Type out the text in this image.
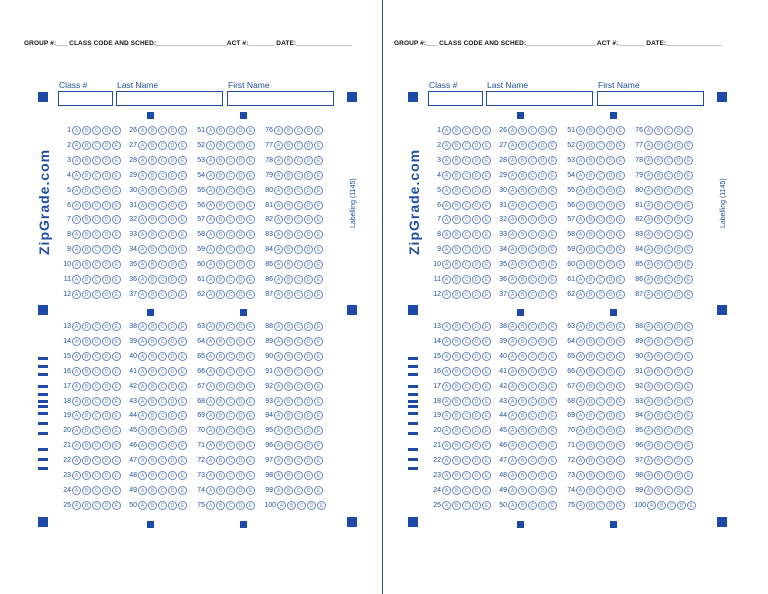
GROUP #:___ CLASS CODE AND SCHED:___________________ACT #:_______ DATE:_______________
Class #	Last Name	First Name
ZipGrade.com	Labelling (1145)
1 A	B	C	D	E	26 A	B	C	D	E	51 A	B	C	D	E	76 A	B	C	D	E
2 A	B	C	D	E	27 A	B	C	D	E	52 A	B	C	D	E	77 A	B	C	D	E
3 A	B	C	D	E	28 A	B	C	D	E	53 A	B	C	D	E	78 A	B	C	D	E
4 A	B	C	D	E	29 A	B	C	D	E	54 A	B	C	D	E	79 A	B	C	D	E
5 A	B	C	D	E	30 A	B	C	D	E	55 A	B	C	D	E	80 A	B	C	D	E
6 A	B	C	D	E	31 A	B	C	D	E	56 A	B	C	D	E	81 A	B	C	D	E
7 A	B	C	D	E	32 A	B	C	D	E	57 A	B	C	D	E	82 A	B	C	D	E
8 A	B	C	D	E	33 A	B	C	D	E	58 A	B	C	D	E	83 A	B	C	D	E
9 A	B	C	D	E	34 A	B	C	D	E	59 A	B	C	D	E	84 A	B	C	D	E
10 A	B	C	D	E	35 A	B	C	D	E	60 A	B	C	D	E	85 A	B	C	D	E
11 A	B	C	D	E	36 A	B	C	D	E	61 A	B	C	D	E	86 A	B	C	D	E
12 A	B	C	D	E	37 A	B	C	D	E	62 A	B	C	D	E	87 A	B	C	D	E
13 A	B	C	D	E	38 A	B	C	D	E	63 A	B	C	D	E	88 A	B	C	D	E
14 A	B	C	D	E	39 A	B	C	D	E	64 A	B	C	D	E	89 A	B	C	D	E
15 A	B	C	D	E	40 A	B	C	D	E	65 A	B	C	D	E	90 A	B	C	D	E
16 A	B	C	D	E	41 A	B	C	D	E	66 A	B	C	D	E	91 A	B	C	D	E
17 A	B	C	D	E	42 A	B	C	D	E	67 A	B	C	D	E	92 A	B	C	D	E
18 A	B	C	D	E	43 A	B	C	D	E	68 A	B	C	D	E	93 A	B	C	D	E
19 A	B	C	D	E	44 A	B	C	D	E	69 A	B	C	D	E	94 A	B	C	D	E
20 A	B	C	D	E	45 A	B	C	D	E	70 A	B	C	D	E	95 A	B	C	D	E
21 A	B	C	D	E	46 A	B	C	D	E	71 A	B	C	D	E	96 A	B	C	D	E
22 A	B	C	D	E	47 A	B	C	D	E	72 A	B	C	D	E	97 A	B	C	D	E
23 A	B	C	D	E	48 A	B	C	D	E	73 A	B	C	D	E	98 A	B	C	D	E
24 A	B	C	D	E	49 A	B	C	D	E	74 A	B	C	D	E	99 A	B	C	D	E
25 A	B	C	D	E	50 A	B	C	D	E	75 A	B	C	D	E	100 A	B	C	D	E
GROUP #:___ CLASS CODE AND SCHED:___________________ACT #:_______ DATE:_______________
Class #	Last Name	First Name
ZipGrade.com	Labelling (1145)
1 A	B	C	D	E	26 A	B	C	D	E	51 A	B	C	D	E	76 A	B	C	D	E
2 A	B	C	D	E	27 A	B	C	D	E	52 A	B	C	D	E	77 A	B	C	D	E
3 A	B	C	D	E	28 A	B	C	D	E	53 A	B	C	D	E	78 A	B	C	D	E
4 A	B	C	D	E	29 A	B	C	D	E	54 A	B	C	D	E	79 A	B	C	D	E
5 A	B	C	D	E	30 A	B	C	D	E	55 A	B	C	D	E	80 A	B	C	D	E
6 A	B	C	D	E	31 A	B	C	D	E	56 A	B	C	D	E	81 A	B	C	D	E
7 A	B	C	D	E	32 A	B	C	D	E	57 A	B	C	D	E	82 A	B	C	D	E
8 A	B	C	D	E	33 A	B	C	D	E	58 A	B	C	D	E	83 A	B	C	D	E
9 A	B	C	D	E	34 A	B	C	D	E	59 A	B	C	D	E	84 A	B	C	D	E
10 A	B	C	D	E	35 A	B	C	D	E	60 A	B	C	D	E	85 A	B	C	D	E
11 A	B	C	D	E	36 A	B	C	D	E	61 A	B	C	D	E	86 A	B	C	D	E
12 A	B	C	D	E	37 A	B	C	D	E	62 A	B	C	D	E	87 A	B	C	D	E
13 A	B	C	D	E	38 A	B	C	D	E	63 A	B	C	D	E	88 A	B	C	D	E
14 A	B	C	D	E	39 A	B	C	D	E	64 A	B	C	D	E	89 A	B	C	D	E
15 A	B	C	D	E	40 A	B	C	D	E	65 A	B	C	D	E	90 A	B	C	D	E
16 A	B	C	D	E	41 A	B	C	D	E	66 A	B	C	D	E	91 A	B	C	D	E
17 A	B	C	D	E	42 A	B	C	D	E	67 A	B	C	D	E	92 A	B	C	D	E
18 A	B	C	D	E	43 A	B	C	D	E	68 A	B	C	D	E	93 A	B	C	D	E
19 A	B	C	D	E	44 A	B	C	D	E	69 A	B	C	D	E	94 A	B	C	D	E
20 A	B	C	D	E	45 A	B	C	D	E	70 A	B	C	D	E	95 A	B	C	D	E
21 A	B	C	D	E	46 A	B	C	D	E	71 A	B	C	D	E	96 A	B	C	D	E
22 A	B	C	D	E	47 A	B	C	D	E	72 A	B	C	D	E	97 A	B	C	D	E
23 A	B	C	D	E	48 A	B	C	D	E	73 A	B	C	D	E	98 A	B	C	D	E
24 A	B	C	D	E	49 A	B	C	D	E	74 A	B	C	D	E	99 A	B	C	D	E
25 A	B	C	D	E	50 A	B	C	D	E	75 A	B	C	D	E	100 A	B	C	D	E
